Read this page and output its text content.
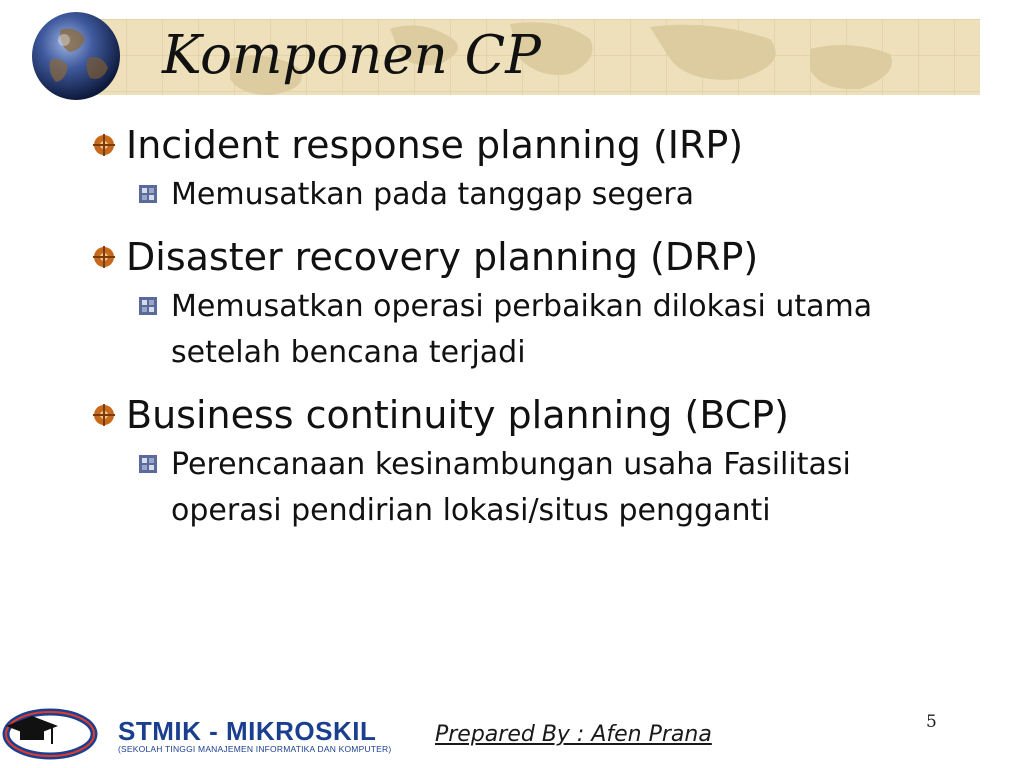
Komponen CP
Incident response planning (IRP)
Memusatkan pada tanggap segera
Disaster recovery planning (DRP)
Memusatkan operasi perbaikan dilokasi utama setelah bencana terjadi
Business continuity planning (BCP)
Perencanaan kesinambungan usaha Fasilitasi operasi pendirian lokasi/situs pengganti
STMIK - MIKROSKIL
(SEKOLAH TINGGI MANAJEMEN INFORMATIKA DAN KOMPUTER)
Prepared By : Afen Prana	5
